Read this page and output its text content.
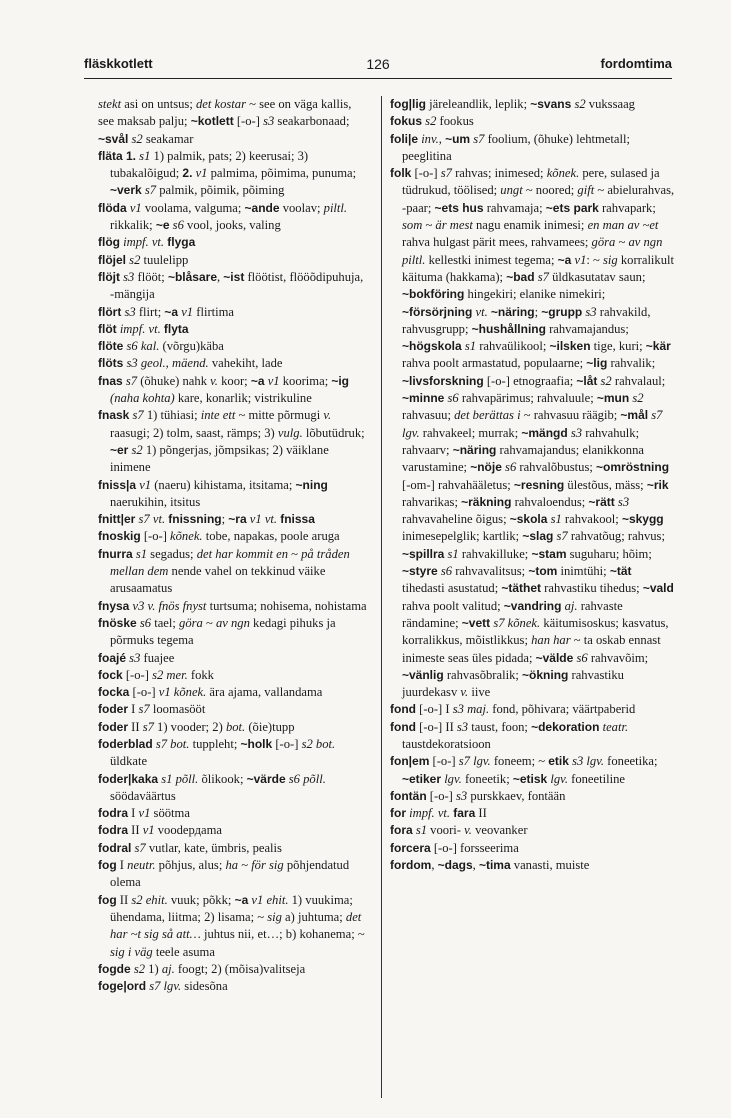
fläskkotlett	126	fordomtima

stekt asi on untsus; det kostar ~ see on väga kallis, see maksab palju; ~kotlett [-o-] s3 seakarbonaad; ~svål s2 seakamar

fläta 1. s1 1) palmik, pats; 2) keerusai; 3) tubakalõigud; 2. v1 palmima, põimima, punuma; ~verk s7 palmik, põimik, põiming

flöda v1 voolama, valguma; ~ande voolav; piltl. rikkalik; ~e s6 vool, jooks, valing

flög impf. vt. flyga

flöjel s2 tuulelipp

flöjt s3 flööt; ~blåsare, ~ist flöötist, flööõdipuhuja, -mängija

flört s3 flirt; ~a v1 flirtima

flöt impf. vt. flyta

flöte s6 kal. (võrgu)käba

flöts s3 geol., mäend. vahekiht, lade

fnas s7 (õhuke) nahk v. koor; ~a v1 koorima; ~ig (naha kohta) kare, konarlik; vistrikuline

fnask s7 1) tühiasi; inte ett ~ mitte põrmugi v. raasugi; 2) tolm, saast, rämps; 3) vulg. lõbutüdruk; ~er s2 1) põngerjas, jõmpsikas; 2) väiklane inimene

fniss|a v1 (naeru) kihistama, itsitama; ~ning naerukihin, itsitus

fnitt|er s7 vt. fnissning; ~ra v1 vt. fnissa

fnoskig [-o-] kõnek. tobe, napakas, poole aruga

fnurra s1 segadus; det har kommit en ~ på tråden mellan dem nende vahel on tekkinud väike arusaamatus

fnysa v3 v. fnös fnyst turtsuma; nohisema, nohistama

fnöske s6 tael; göra ~ av ngn kedagi pihuks ja põrmuks tegema

foajé s3 fuajee

fock [-o-] s2 mer. fokk

focka [-o-] v1 kõnek. ära ajama, vallandama

foder I s7 loomasööt

foder II s7 1) vooder; 2) bot. (õie)tupp

foderblad s7 bot. tuppleht; ~holk [-o-] s2 bot. üldkate

foder|kaka s1 põll. õlikook; ~värde s6 põll. söödaväärtus

fodra I v1 söötma

fodra II v1 voodердama

fodral s7 vutlar, kate, ümbris, pealis

fog I neutr. põhjus, alus; ha ~ för sig põhjendatud olema

fog II s2 ehit. vuuk; põkk; ~a v1 ehit. 1) vuukima; ühendama, liitma; 2) lisama; ~ sig a) juhtuma; det har ~t sig så att… juhtus nii, et…; b) kohanema; ~ sig i väg teele asuma

fogde s2 1) aj. foogt; 2) (mõisa)valitseja

foge|ord s7 lgv. sidesõna

fog|lig järeleandlik, leplik; ~svans s2 vukssaag

fokus s2 fookus

foli|e inv., ~um s7 foolium, (õhuke) lehtmetall; peeglitina

folk [-o-] s7 rahvas; inimesed; kõnek. pere, sulased ja tüdrukud, töölised; ungt ~ noored; gift ~ abielurahvas, -paar; ~ets hus rahvamaja; ~ets park rahvapark; som ~ är mest nagu enamik inimesi; en man av ~et rahva hulgast pärit mees, rahvamees; göra ~ av ngn piltl. kellestki inimest tegema; ~a v1: ~ sig korralikult käituma (hakkama); ~bad s7 üldkasutatav saun; ~bokföring hingekiri; elanike nimekiri; ~försörjning vt. ~näring; ~grupp s3 rahvakild, rahvusgrupp; ~hushållning rahvamajandus; ~högskola s1 rahvaülikool; ~ilsken tige, kuri; ~kär rahva poolt armastatud, populaarne; ~lig rahvalik; ~livsforskning [-o-] etnograafia; ~låt s2 rahvalaul; ~minne s6 rahvapärimus; rahvaluule; ~mun s2 rahvasuu; det berättas i ~ rahvasuu räägib; ~mål s7 lgv. rahvakeel; murrak; ~mängd s3 rahvahulk; rahvaarv; ~näring rahvamajandus; elanikkonna varustamine; ~nöje s6 rahvalõbustus; ~omröstning [-om-] rahvahääletus; ~resning ülestõus, mäss; ~rik rahvarikas; ~räkning rahvaloendus; ~rätt s3 rahvavaheline õigus; ~skola s1 rahvakool; ~skygg inimesepelglik; kartlik; ~slag s7 rahvatõug; rahvus; ~spillra s1 rahvakilluke; ~stam suguharu; hõim; ~styre s6 rahvavalitsus; ~tom inimtühi; ~tät tihedasti asustatud; ~täthet rahvastiku tihedus; ~vald rahva poolt valitud; ~vandring aj. rahvaste rändamine; ~vett s7 kõnek. käitumisoskus; kasvatus, korralikkus, mõistlikkus; han har ~ ta oskab ennast inimeste seas üles pidada; ~välde s6 rahvavõim; ~vänlig rahvasõbralik; ~ökning rahvastiku juurdekasv v. iive

fond [-o-] I s3 maj. fond, põhivara; väärtpaberid

fond [-o-] II s3 taust, foon; ~dekoration teatr. taustdekoratsioon

fon|em [-o-] s7 lgv. foneem; ~ etik s3 lgv. foneetika; ~etiker lgv. foneetik; ~etisk lgv. foneetiline

fontän [-o-] s3 purskkaev, fontään

for impf. vt. fara II

fora s1 voori- v. veovanker

forcera [-o-] forsseerima

fordom, ~dags, ~tima vanasti, muiste
